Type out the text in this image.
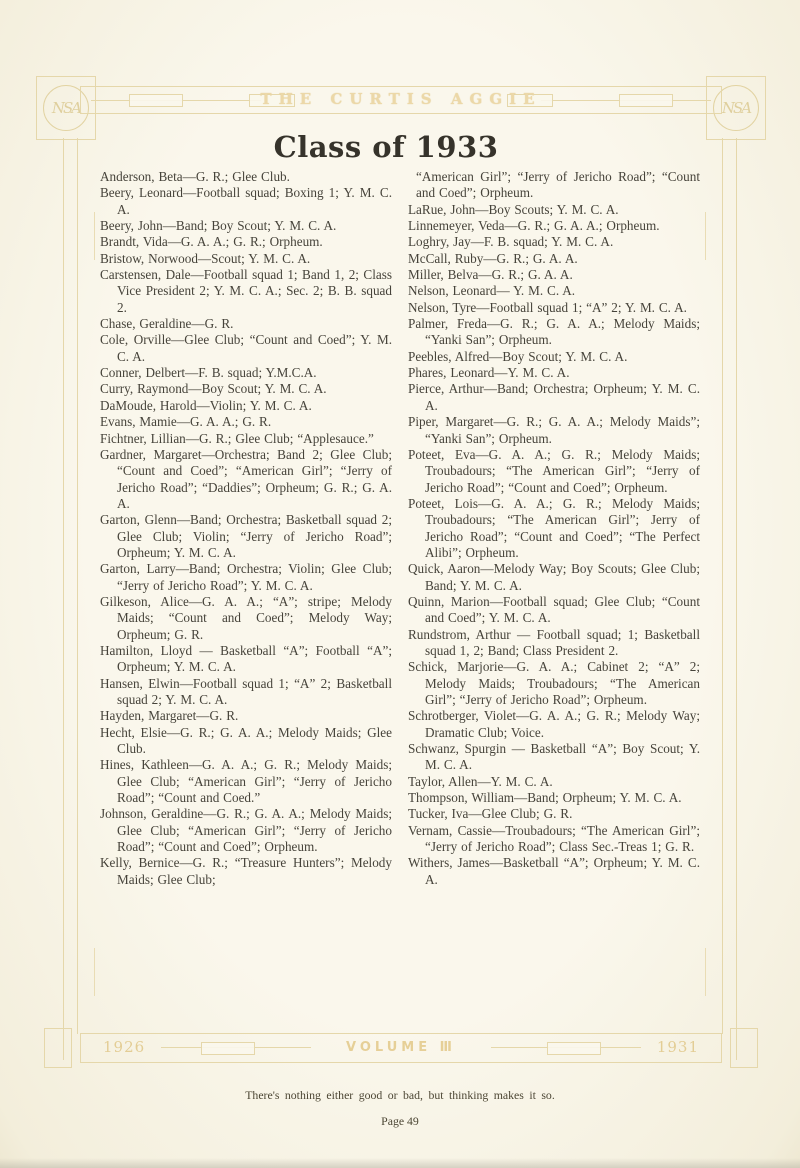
NSA	NSA
THE CURTIS AGGIE
Class of 1933
Anderson, Beta—G. R.; Glee Club.
Beery, Leonard—Football squad; Boxing 1; Y. M. C. A.
Beery, John—Band; Boy Scout; Y. M. C. A.
Brandt, Vida—G. A. A.; G. R.; Orpheum.
Bristow, Norwood—Scout; Y. M. C. A.
Carstensen, Dale—Football squad 1; Band 1, 2; Class Vice President 2; Y. M. C. A.; Sec. 2; B. B. squad 2.
Chase, Geraldine—G. R.
Cole, Orville—Glee Club; “Count and Coed”; Y. M. C. A.
Conner, Delbert—F. B. squad; Y.M.C.A.
Curry, Raymond—Boy Scout; Y. M. C. A.
DaMoude, Harold—Violin; Y. M. C. A.
Evans, Mamie—G. A. A.; G. R.
Fichtner, Lillian—G. R.; Glee Club; “Applesauce.”
Gardner, Margaret—Orchestra; Band 2; Glee Club; “Count and Coed”; “American Girl”; “Jerry of Jericho Road”; “Daddies”; Orpheum; G. R.; G. A. A.
Garton, Glenn—Band; Orchestra; Basketball squad 2; Glee Club; Violin; “Jerry of Jericho Road”; Orpheum; Y. M. C. A.
Garton, Larry—Band; Orchestra; Violin; Glee Club; “Jerry of Jericho Road”; Y. M. C. A.
Gilkeson, Alice—G. A. A.; “A”; stripe; Melody Maids; “Count and Coed”; Melody Way; Orpheum; G. R.
Hamilton, Lloyd — Basketball “A”; Football “A”; Orpheum; Y. M. C. A.
Hansen, Elwin—Football squad 1; “A” 2; Basketball squad 2; Y. M. C. A.
Hayden, Margaret—G. R.
Hecht, Elsie—G. R.; G. A. A.; Melody Maids; Glee Club.
Hines, Kathleen—G. A. A.; G. R.; Melody Maids; Glee Club; “American Girl”; “Jerry of Jericho Road”; “Count and Coed.”
Johnson, Geraldine—G. R.; G. A. A.; Melody Maids; Glee Club; “American Girl”; “Jerry of Jericho Road”; “Count and Coed”; Orpheum.
Kelly, Bernice—G. R.; “Treasure Hunters”; Melody Maids; Glee Club;
“American Girl”; “Jerry of Jericho Road”; “Count and Coed”; Orpheum.
LaRue, John—Boy Scouts; Y. M. C. A.
Linnemeyer, Veda—G. R.; G. A. A.; Orpheum.
Loghry, Jay—F. B. squad; Y. M. C. A.
McCall, Ruby—G. R.; G. A. A.
Miller, Belva—G. R.; G. A. A.
Nelson, Leonard— Y. M. C. A.
Nelson, Tyre—Football squad 1; “A” 2; Y. M. C. A.
Palmer, Freda—G. R.; G. A. A.; Melody Maids; “Yanki San”; Orpheum.
Peebles, Alfred—Boy Scout; Y. M. C. A.
Phares, Leonard—Y. M. C. A.
Pierce, Arthur—Band; Orchestra; Orpheum; Y. M. C. A.
Piper, Margaret—G. R.; G. A. A.; Melody Maids”; “Yanki San”; Orpheum.
Poteet, Eva—G. A. A.; G. R.; Melody Maids; Troubadours; “The American Girl”; “Jerry of Jericho Road”; “Count and Coed”; Orpheum.
Poteet, Lois—G. A. A.; G. R.; Melody Maids; Troubadours; “The American Girl”; Jerry of Jericho Road”; “Count and Coed”; “The Perfect Alibi”; Orpheum.
Quick, Aaron—Melody Way; Boy Scouts; Glee Club; Band; Y. M. C. A.
Quinn, Marion—Football squad; Glee Club; “Count and Coed”; Y. M. C. A.
Rundstrom, Arthur — Football squad; 1; Basketball squad 1, 2; Band; Class President 2.
Schick, Marjorie—G. A. A.; Cabinet 2; “A” 2; Melody Maids; Troubadours; “The American Girl”; “Jerry of Jericho Road”; Orpheum.
Schrotberger, Violet—G. A. A.; G. R.; Melody Way; Dramatic Club; Voice.
Schwanz, Spurgin — Basketball “A”; Boy Scout; Y. M. C. A.
Taylor, Allen—Y. M. C. A.
Thompson, William—Band; Orpheum; Y. M. C. A.
Tucker, Iva—Glee Club; G. R.
Vernam, Cassie—Troubadours; “The American Girl”; “Jerry of Jericho Road”; Class Sec.-Treas 1; G. R.
Withers, James—Basketball “A”; Orpheum; Y. M. C. A.
1926	VOLUME Ⅲ	1931
There's nothing either good or bad, but thinking makes it so.
Page 49
